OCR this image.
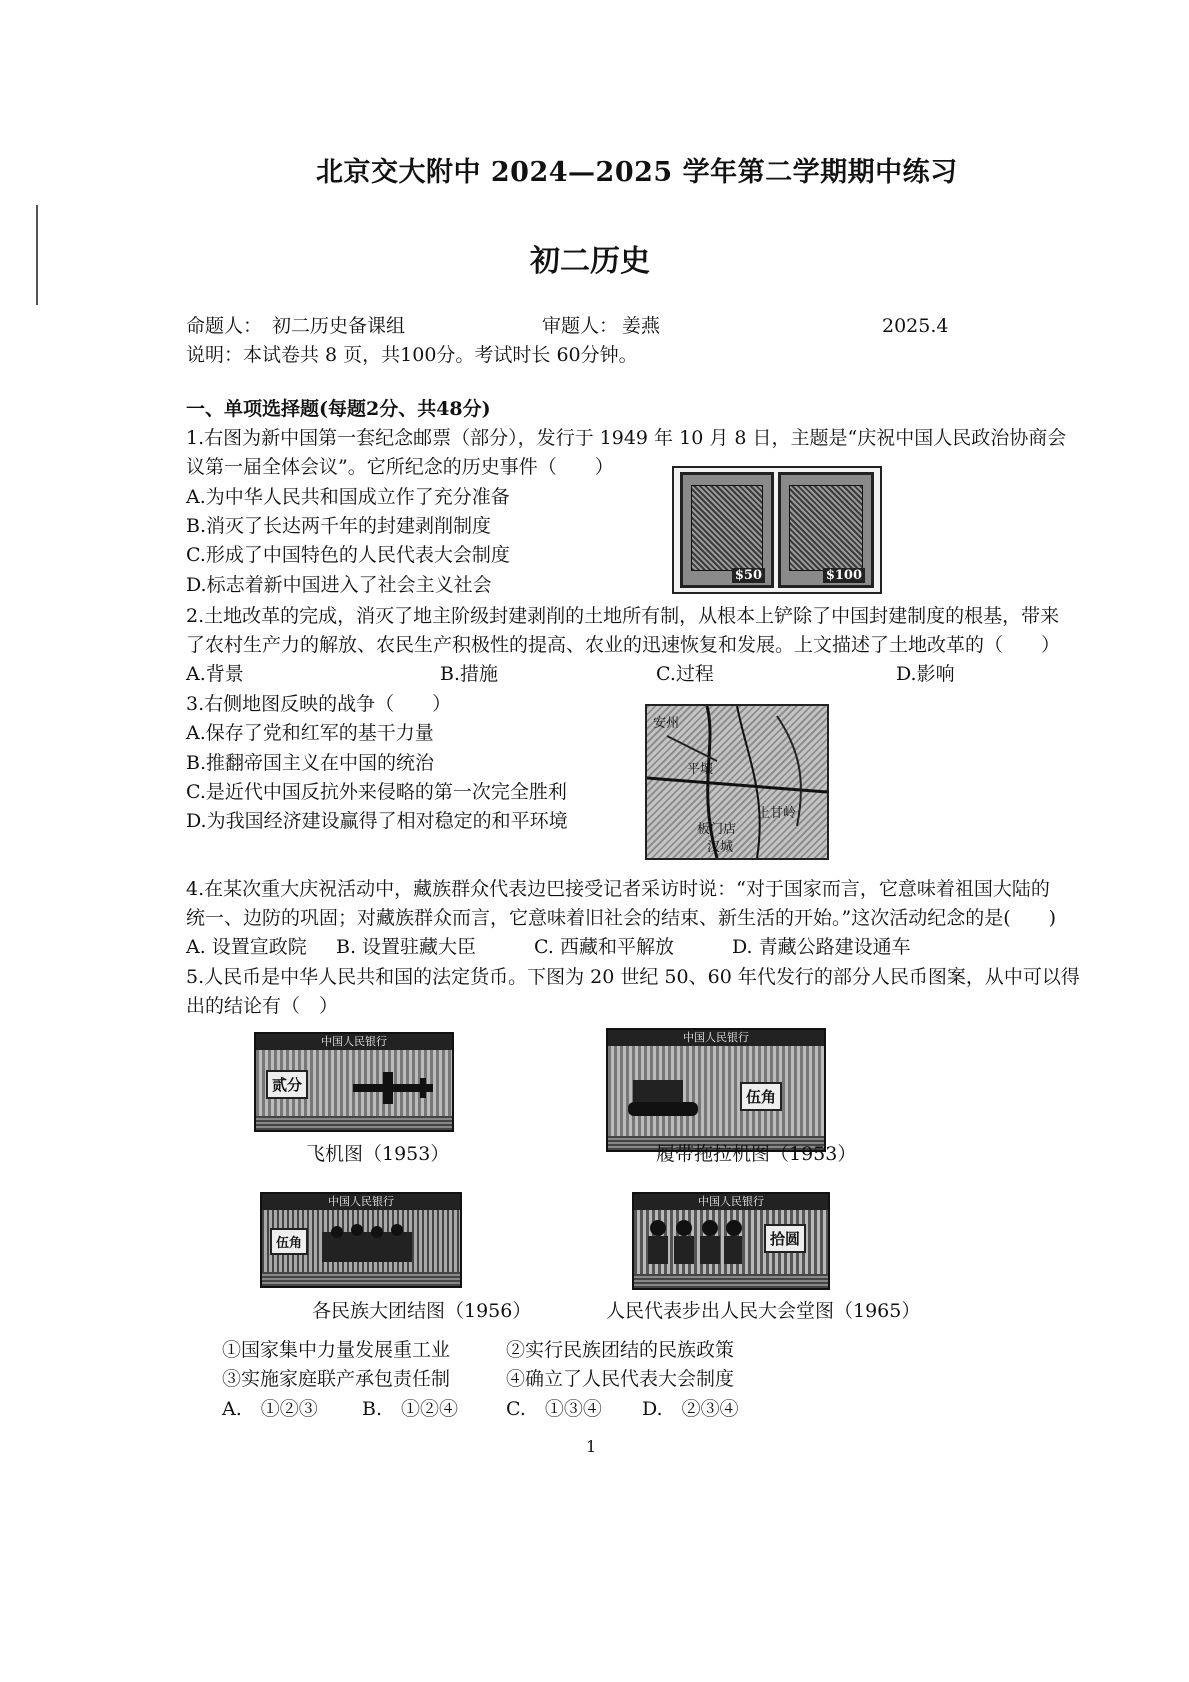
北京交大附中 2024—2025 学年第二学期期中练习
初二历史
命题人： 初二历史备课组	审题人： 姜燕	2025.4
说明：本试卷共 8 页，共100分。考试时长 60分钟。
一、单项选择题(每题2分、共48分)
1.右图为新中国第一套纪念邮票（部分），发行于 1949 年 10 月 8 日，主题是“庆祝中国人民政治协商会
议第一届全体会议”。它所纪念的历史事件（　　）
A.为中华人民共和国成立作了充分准备
B.消灭了长达两千年的封建剥削制度
C.形成了中国特色的人民代表大会制度
D.标志着新中国进入了社会主义社会	$50	$100
2.土地改革的完成，消灭了地主阶级封建剥削的土地所有制，从根本上铲除了中国封建制度的根基，带来
了农村生产力的解放、农民生产积极性的提高、农业的迅速恢复和发展。上文描述了土地改革的（　　）
A.背景	B.措施	C.过程	D.影响
3.右侧地图反映的战争（　　）
A.保存了党和红军的基干力量
B.推翻帝国主义在中国的统治
C.是近代中国反抗外来侵略的第一次完全胜利
D.为我国经济建设赢得了相对稳定的和平环境
安州
平壤
上甘岭
板门店
汉城
4.在某次重大庆祝活动中，藏族群众代表边巴接受记者采访时说：“对于国家而言，它意味着祖国大陆的
统一、边防的巩固；对藏族群众而言，它意味着旧社会的结束、新生活的开始。”这次活动纪念的是(　　)
A. 设置宣政院 B. 设置驻藏大臣	C. 西藏和平解放	D. 青藏公路建设通车
5.人民币是中华人民共和国的法定货币。下图为 20 世纪 50、60 年代发行的部分人民币图案，从中可以得
出的结论有（　）
中国人民银行
贰分
飞机图（1953）
中国人民银行
伍角
履带拖拉机图（1953）
中国人民银行
伍角
各民族大团结图（1956）
中国人民银行
拾圆
人民代表步出人民大会堂图（1965）
①国家集中力量发展重工业	②实行民族团结的民族政策
③实施家庭联产承包责任制	④确立了人民代表大会制度
A.　①②③ B.　①②④	C.　①③④ D.　②③④
1
